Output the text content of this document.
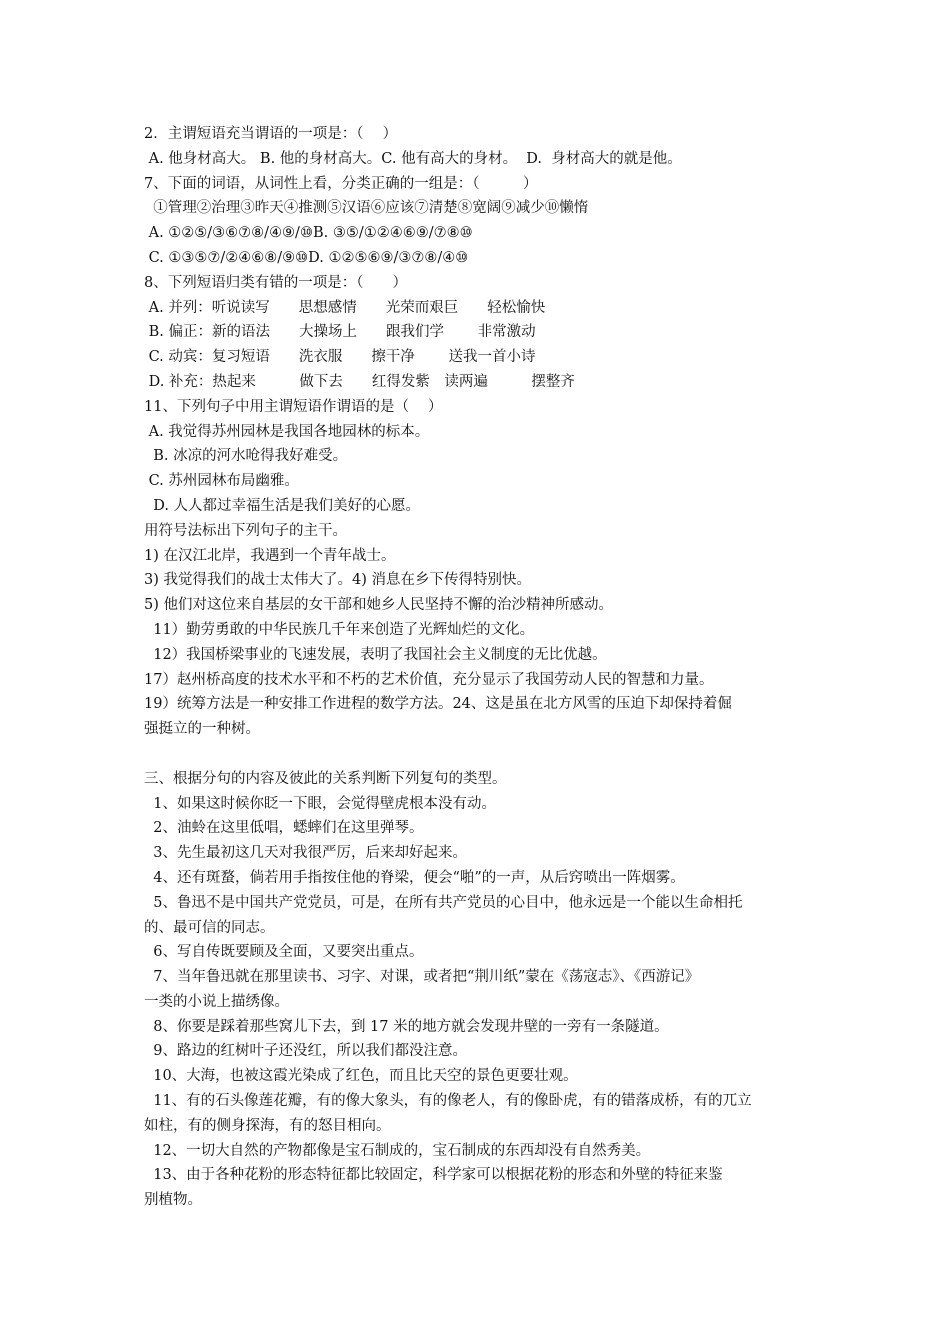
2．主谓短语充当谓语的一项是：（　 ）
A. 他身材高大。 B. 他的身材高大。C. 他有高大的身材。  D.  身材高大的就是他。
7、下面的词语，从词性上看，分类正确的一组是：（　　　）
①管理②治理③昨天④推测⑤汉语⑥应该⑦清楚⑧宽阔⑨减少⑩懒惰
A. ①②⑤/③⑥⑦⑧/④⑨/⑩B. ③⑤/①②④⑥⑨/⑦⑧⑩
C. ①③⑤⑦/②④⑥⑧/⑨⑩D. ①②⑤⑥⑨/③⑦⑧/④⑩
8、下列短语归类有错的一项是：（　　）
A. 并列：听说读写　　思想感情　　光荣而艰巨　　轻松愉快
B. 偏正：新的语法　　大操场上　　跟我们学　　 非常激动
C. 动宾：复习短语　　洗衣服　　擦干净　　 送我一首小诗
D. 补充：热起来　　　做下去　　红得发紫　读两遍　　　摆整齐
11、下列句子中用主谓短语作谓语的是（　 ）
A. 我觉得苏州园林是我国各地园林的标本。
B. 冰凉的河水呛得我好难受。
C. 苏州园林布局幽雅。
D. 人人都过幸福生活是我们美好的心愿。
用符号法标出下列句子的主干。
1) 在汉江北岸，我遇到一个青年战士。
3) 我觉得我们的战士太伟大了。4) 消息在乡下传得特别快。
5) 他们对这位来自基层的女干部和她乡人民坚持不懈的治沙精神所感动。
11）勤劳勇敢的中华民族几千年来创造了光辉灿烂的文化。
12）我国桥梁事业的飞速发展，表明了我国社会主义制度的无比优越。
17）赵州桥高度的技术水平和不朽的艺术价值，充分显示了我国劳动人民的智慧和力量。
19）统筹方法是一种安排工作进程的数学方法。24、这是虽在北方风雪的压迫下却保持着倔
强挺立的一种树。
三、根据分句的内容及彼此的关系判断下列复句的类型。
1、如果这时候你眨一下眼，会觉得壁虎根本没有动。
2、油蛉在这里低唱，蟋蟀们在这里弹琴。
3、先生最初这几天对我很严厉，后来却好起来。
4、还有斑蝥，倘若用手指按住他的脊梁，便会“啪”的一声，从后窍喷出一阵烟雾。
5、鲁迅不是中国共产党党员，可是，在所有共产党员的心目中，他永远是一个能以生命相托
的、最可信的同志。
6、写自传既要顾及全面，又要突出重点。
7、当年鲁迅就在那里读书、习字、对课，或者把“荆川纸”蒙在《荡寇志》、《西游记》
一类的小说上描绣像。
8、你要是踩着那些窝儿下去，到 17 米的地方就会发现井壁的一旁有一条隧道。
9、路边的红树叶子还没红，所以我们都没注意。
10、大海，也被这霞光染成了红色，而且比天空的景色更要壮观。
11、有的石头像莲花瓣，有的像大象头，有的像老人，有的像卧虎，有的错落成桥，有的兀立
如柱，有的侧身探海，有的怒目相向。
12、一切大自然的产物都像是宝石制成的，宝石制成的东西却没有自然秀美。
13、由于各种花粉的形态特征都比较固定，科学家可以根据花粉的形态和外壁的特征来鉴
别植物。
